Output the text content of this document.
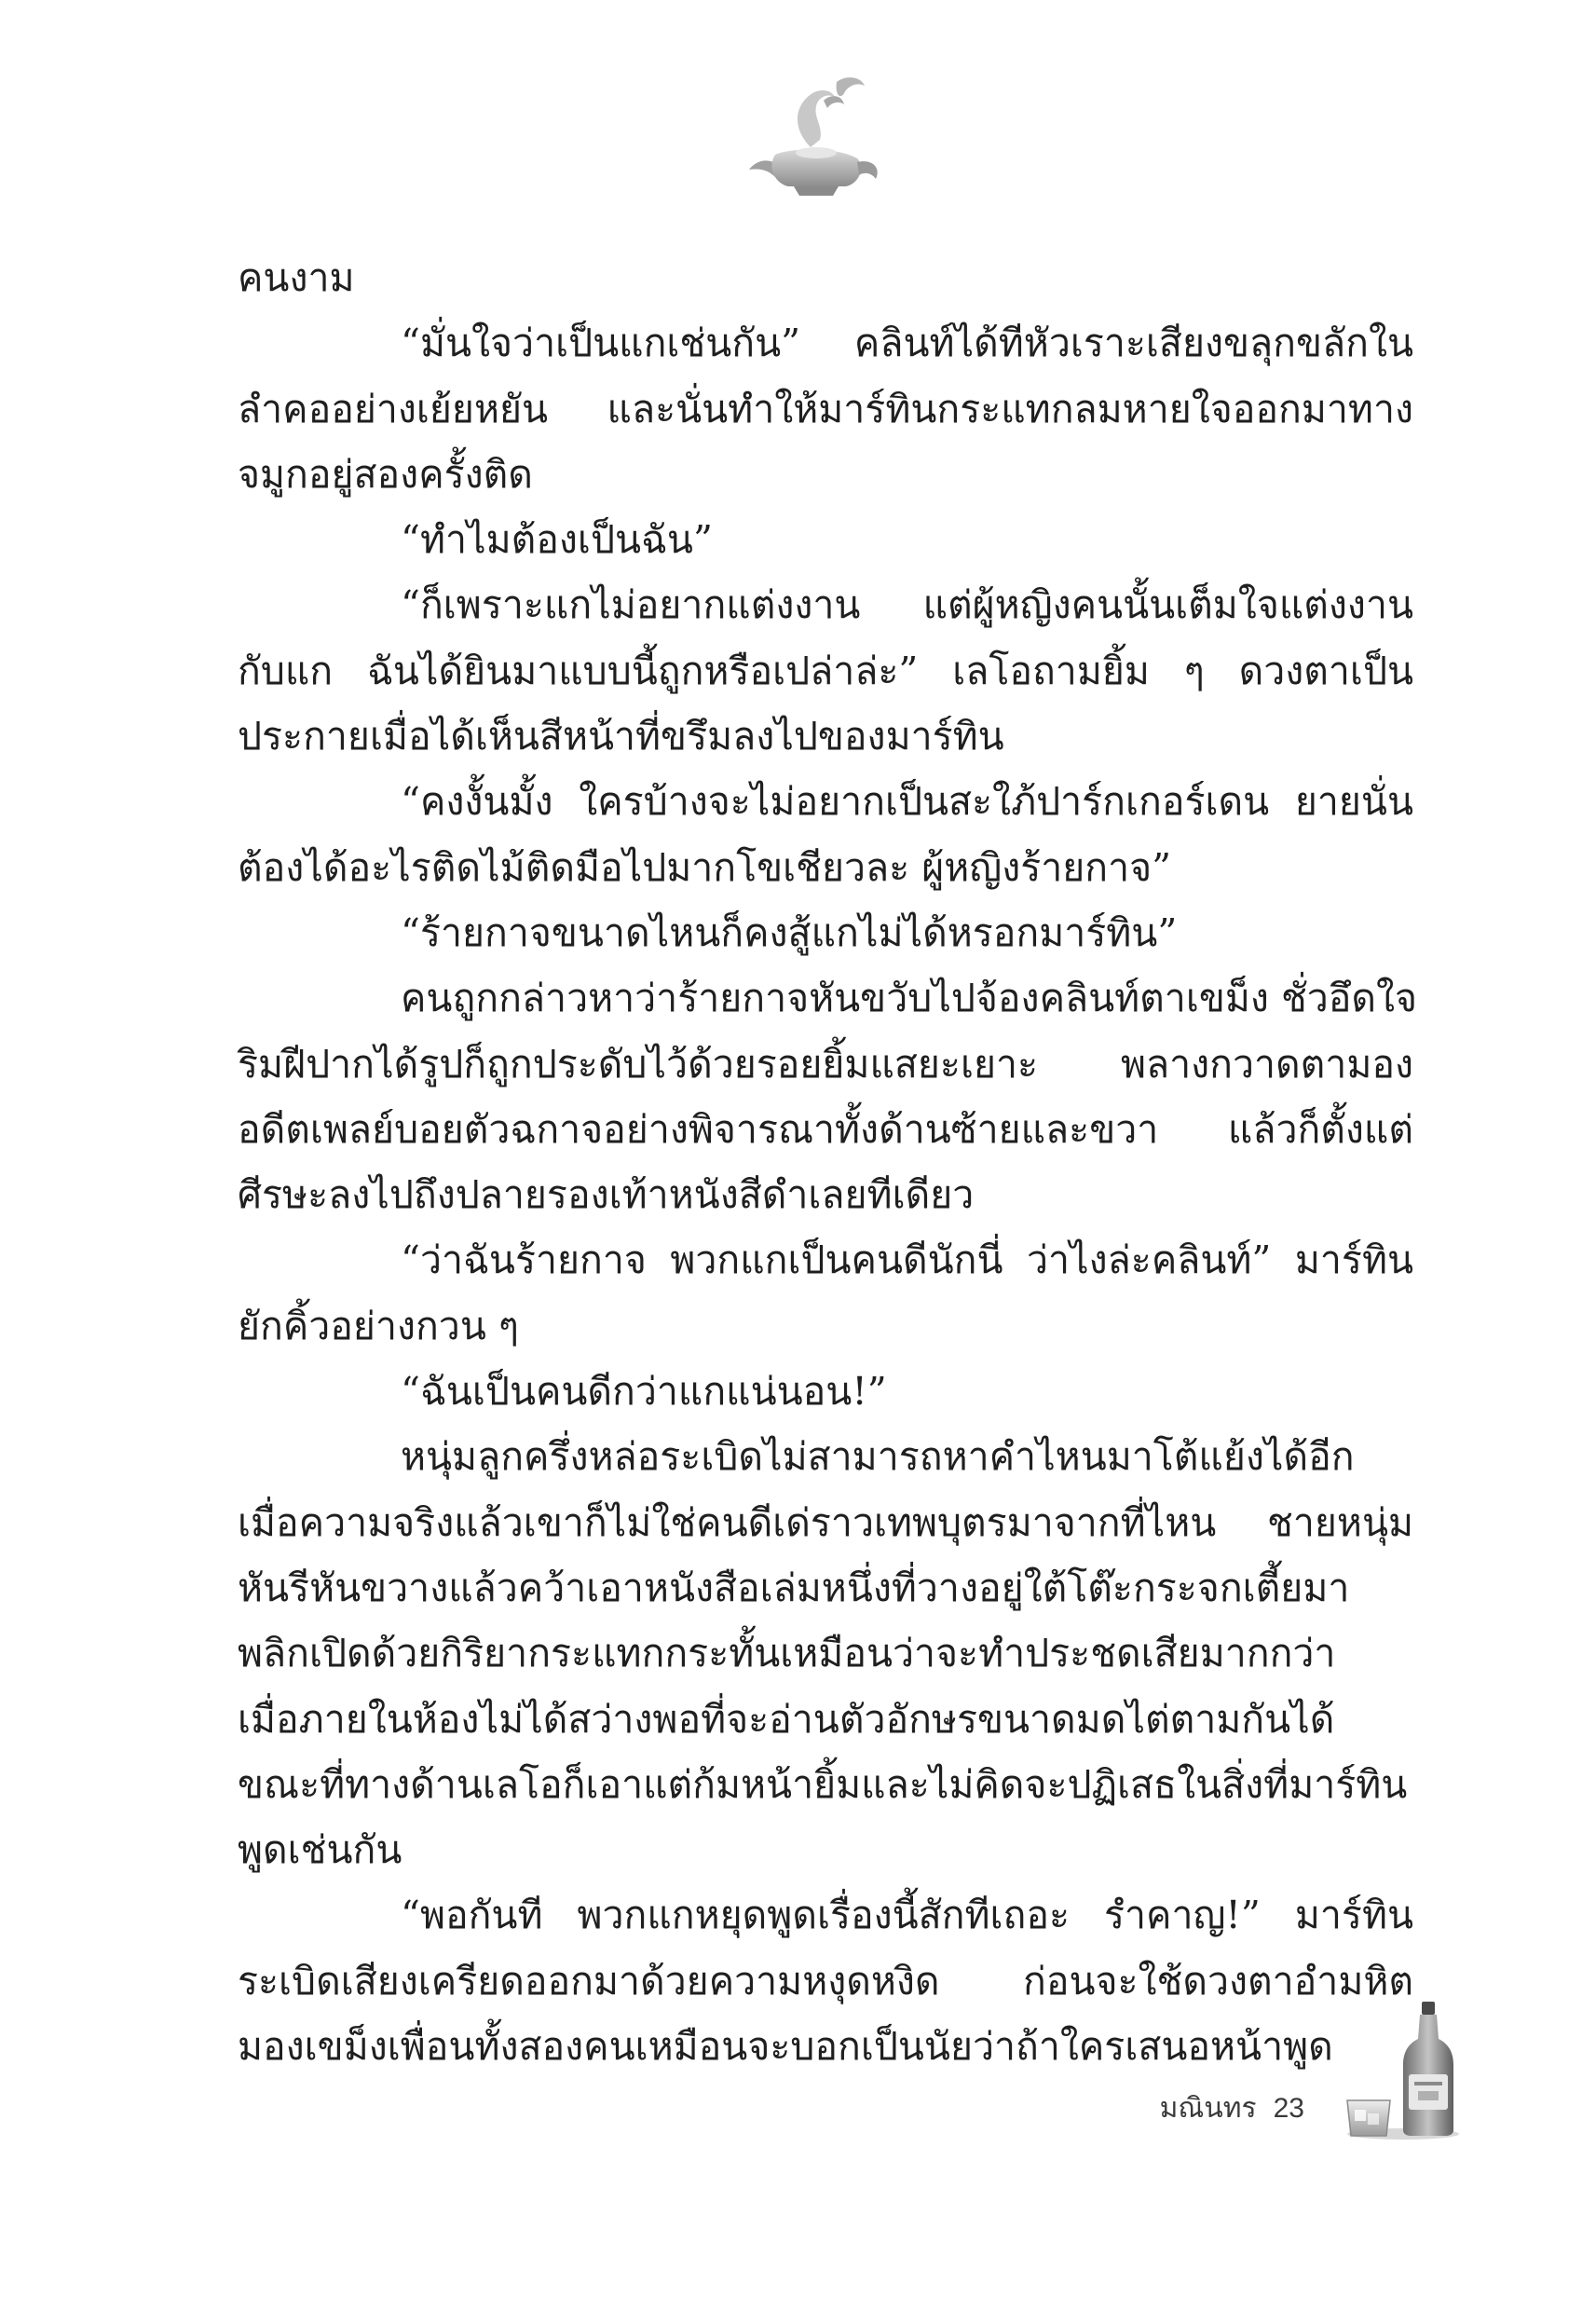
คนงาม
“มั่นใจว่าเป็นแกเช่นกัน” คลินท์ได้ทีหัวเราะเสียงขลุกขลักใน
ลำคออย่างเย้ยหยัน และนั่นทำให้มาร์ทินกระแทกลมหายใจออกมาทาง
จมูกอยู่สองครั้งติด
“ทำไมต้องเป็นฉัน”
“ก็เพราะแกไม่อยากแต่งงาน แต่ผู้หญิงคนนั้นเต็มใจแต่งงาน
กับแก ฉันได้ยินมาแบบนี้ถูกหรือเปล่าล่ะ” เลโอถามยิ้ม ๆ ดวงตาเป็น
ประกายเมื่อได้เห็นสีหน้าที่ขรึมลงไปของมาร์ทิน
“คงงั้นมั้ง ใครบ้างจะไม่อยากเป็นสะใภ้ปาร์กเกอร์เดน ยายนั่น
ต้องได้อะไรติดไม้ติดมือไปมากโขเชียวละ ผู้หญิงร้ายกาจ”
“ร้ายกาจขนาดไหนก็คงสู้แกไม่ได้หรอกมาร์ทิน”
คนถูกกล่าวหาว่าร้ายกาจหันขวับไปจ้องคลินท์ตาเขม็ง ชั่วอึดใจ
ริมฝีปากได้รูปก็ถูกประดับไว้ด้วยรอยยิ้มแสยะเยาะ พลางกวาดตามอง
อดีตเพลย์บอยตัวฉกาจอย่างพิจารณาทั้งด้านซ้ายและขวา แล้วก็ตั้งแต่
ศีรษะลงไปถึงปลายรองเท้าหนังสีดำเลยทีเดียว
“ว่าฉันร้ายกาจ พวกแกเป็นคนดีนักนี่ ว่าไงล่ะคลินท์” มาร์ทิน
ยักคิ้วอย่างกวน ๆ
“ฉันเป็นคนดีกว่าแกแน่นอน!”
หนุ่มลูกครึ่งหล่อระเบิดไม่สามารถหาคำไหนมาโต้แย้งได้อีก
เมื่อความจริงแล้วเขาก็ไม่ใช่คนดีเด่ราวเทพบุตรมาจากที่ไหน ชายหนุ่ม
หันรีหันขวางแล้วคว้าเอาหนังสือเล่มหนึ่งที่วางอยู่ใต้โต๊ะกระจกเตี้ยมา
พลิกเปิดด้วยกิริยากระแทกกระทั้นเหมือนว่าจะทำประชดเสียมากกว่า
เมื่อภายในห้องไม่ได้สว่างพอที่จะอ่านตัวอักษรขนาดมดไต่ตามกันได้
ขณะที่ทางด้านเลโอก็เอาแต่ก้มหน้ายิ้มและไม่คิดจะปฏิเสธในสิ่งที่มาร์ทิน
พูดเช่นกัน
“พอกันที พวกแกหยุดพูดเรื่องนี้สักทีเถอะ รำคาญ!” มาร์ทิน
ระเบิดเสียงเครียดออกมาด้วยความหงุดหงิด ก่อนจะใช้ดวงตาอำมหิต
มองเขม็งเพื่อนทั้งสองคนเหมือนจะบอกเป็นนัยว่าถ้าใครเสนอหน้าพูด
มณินทร 23
